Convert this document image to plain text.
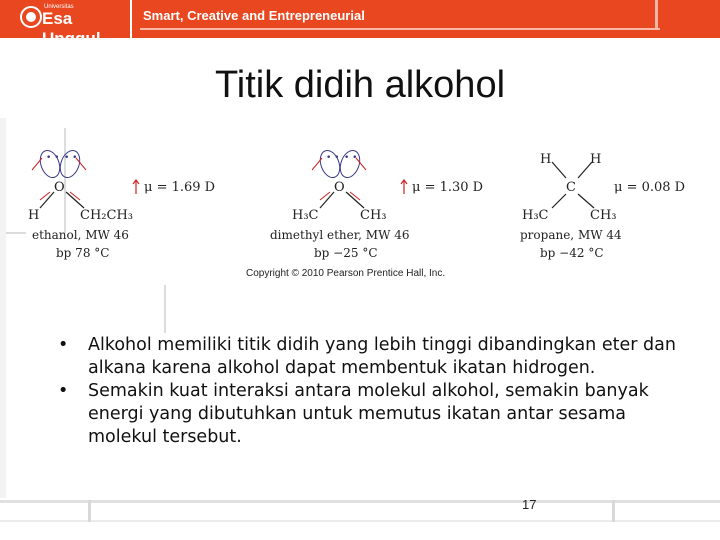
Universitas
Esa Unggul
Smart, Creative and Entrepreneurial
Titik didih alkohol
• • • •
O
H	CH₂CH₃
μ = 1.69 D
ethanol, MW 46
bp 78 °C
• • • •
O
H₃C	CH₃
μ = 1.30 D
dimethyl ether, MW 46
bp −25 °C
H	H
C
H₃C	CH₃
μ = 0.08 D
propane, MW 44
bp −42 °C
Copyright © 2010 Pearson Prentice Hall, Inc.
• Alkohol memiliki titik didih yang lebih tinggi dibandingkan eter dan alkana karena alkohol dapat membentuk ikatan hidrogen.
• Semakin kuat interaksi antara molekul alkohol, semakin banyak energi yang dibutuhkan untuk memutus ikatan antar sesama molekul tersebut.
17
